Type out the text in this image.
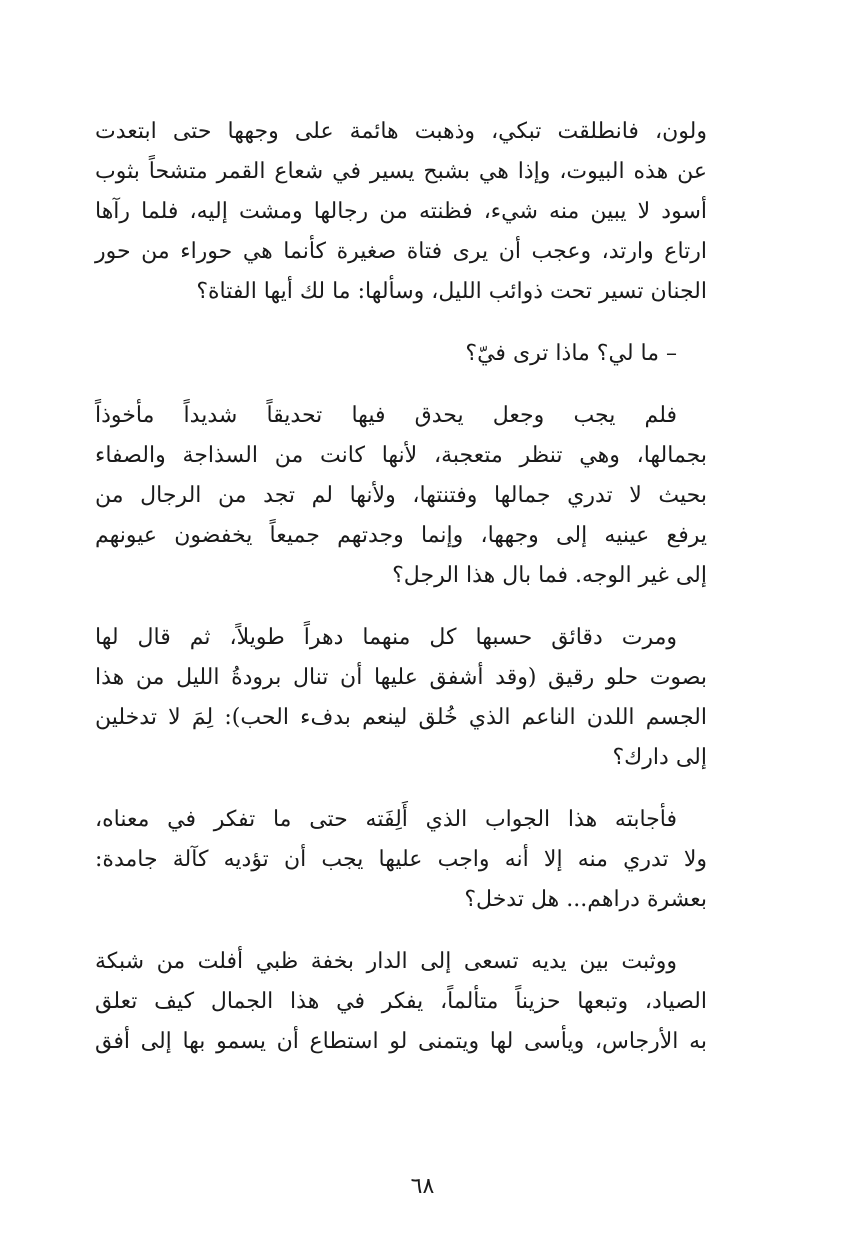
ولون، فانطلقت تبكي، وذهبت هائمة على وجهها حتى ابتعدت
عن هذه البيوت، وإذا هي بشبح يسير في شعاع القمر متشحاً بثوب
أسود لا يبين منه شيء، فظنته من رجالها ومشت إليه، فلما رآها
ارتاع وارتد، وعجب أن يرى فتاة صغيرة كأنما هي حوراء من حور
الجنان تسير تحت ذوائب الليل، وسألها: ما لك أيها الفتاة؟
– ما لي؟ ماذا ترى فيّ؟
فلم يجب وجعل يحدق فيها تحديقاً شديداً مأخوذاً
بجمالها، وهي تنظر متعجبة، لأنها كانت من السذاجة والصفاء
بحيث لا تدري جمالها وفتنتها، ولأنها لم تجد من الرجال من
يرفع عينيه إلى وجهها، وإنما وجدتهم جميعاً يخفضون عيونهم
إلى غير الوجه. فما بال هذا الرجل؟
ومرت دقائق حسبها كل منهما دهراً طويلاً، ثم قال لها
بصوت حلو رقيق (وقد أشفق عليها أن تنال برودةُ الليل من هذا
الجسم اللدن الناعم الذي خُلق لينعم بدفء الحب): لِمَ لا تدخلين
إلى دارك؟
فأجابته هذا الجواب الذي أَلِفَته حتى ما تفكر في معناه،
ولا تدري منه إلا أنه واجب عليها يجب أن تؤديه كآلة جامدة:
بعشرة دراهم... هل تدخل؟
ووثبت بين يديه تسعى إلى الدار بخفة ظبي أفلت من شبكة
الصياد، وتبعها حزيناً متألماً، يفكر في هذا الجمال كيف تعلق
به الأرجاس، ويأسى لها ويتمنى لو استطاع أن يسمو بها إلى أفق
٦٨
